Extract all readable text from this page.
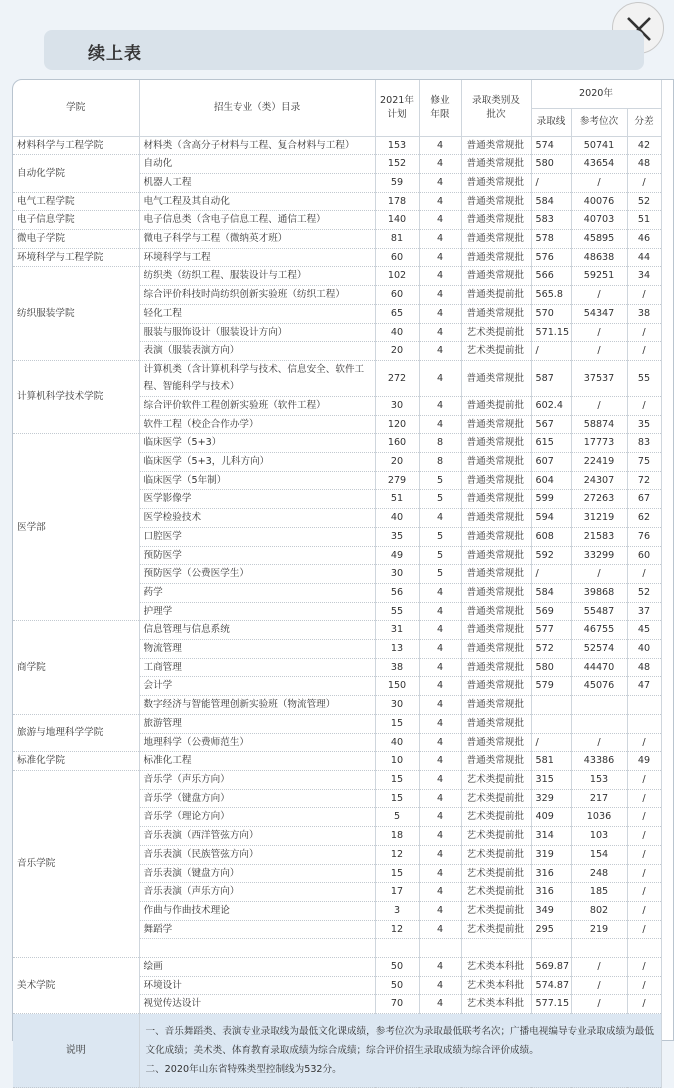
续上表
学院	招生专业（类）目录	2021年计划	修业年限	录取类别及批次	2020年		
					录取线	参考位次	分差
材料科学与工程学院	材料类（含高分子材料与工程、复合材料与工程）	153	4	普通类常规批	574	50741	42
自动化学院	自动化	152	4	普通类常规批	580	43654	48
	机器人工程	59	4	普通类常规批	/	/	/
电气工程学院	电气工程及其自动化	178	4	普通类常规批	584	40076	52
电子信息学院	电子信息类（含电子信息工程、通信工程）	140	4	普通类常规批	583	40703	51
微电子学院	微电子科学与工程（微纳英才班）	81	4	普通类常规批	578	45895	46
环境科学与工程学院	环境科学与工程	60	4	普通类常规批	576	48638	44
纺织服装学院	纺织类（纺织工程、服装设计与工程）	102	4	普通类常规批	566	59251	34
	综合评价科技时尚纺织创新实验班（纺织工程）	60	4	普通类提前批	565.8	/	/
	轻化工程	65	4	普通类常规批	570	54347	38
	服装与服饰设计（服装设计方向）	40	4	艺术类提前批	571.15	/	/
	表演（服装表演方向）	20	4	艺术类提前批	/	/	/
计算机科学技术学院	计算机类（含计算机科学与技术、信息安全、软件工程、智能科学与技术）	272	4	普通类常规批	587	37537	55
	综合评价软件工程创新实验班（软件工程）	30	4	普通类提前批	602.4	/	/
	软件工程（校企合作办学）	120	4	普通类常规批	567	58874	35
医学部	临床医学（5+3）	160	8	普通类常规批	615	17773	83
	临床医学（5+3，儿科方向）	20	8	普通类常规批	607	22419	75
	临床医学（5年制）	279	5	普通类常规批	604	24307	72
	医学影像学	51	5	普通类常规批	599	27263	67
	医学检验技术	40	4	普通类常规批	594	31219	62
	口腔医学	35	5	普通类常规批	608	21583	76
	预防医学	49	5	普通类常规批	592	33299	60
	预防医学（公费医学生）	30	5	普通类常规批	/	/	/
	药学	56	4	普通类常规批	584	39868	52
	护理学	55	4	普通类常规批	569	55487	37
商学院	信息管理与信息系统	31	4	普通类常规批	577	46755	45
	物流管理	13	4	普通类常规批	572	52574	40
	工商管理	38	4	普通类常规批	580	44470	48
	会计学	150	4	普通类常规批	579	45076	47
	数字经济与智能管理创新实验班（物流管理）	30	4	普通类常规批			
旅游与地理科学学院	旅游管理	15	4	普通类常规批			
	地理科学（公费师范生）	40	4	普通类常规批	/	/	/
标准化学院	标准化工程	10	4	普通类常规批	581	43386	49
音乐学院	音乐学（声乐方向）	15	4	艺术类提前批	315	153	/
	音乐学（键盘方向）	15	4	艺术类提前批	329	217	/
	音乐学（理论方向）	5	4	艺术类提前批	409	1036	/
	音乐表演（西洋管弦方向）	18	4	艺术类提前批	314	103	/
	音乐表演（民族管弦方向）	12	4	艺术类提前批	319	154	/
	音乐表演（键盘方向）	15	4	艺术类提前批	316	248	/
	音乐表演（声乐方向）	17	4	艺术类提前批	316	185	/
	作曲与作曲技术理论	3	4	艺术类提前批	349	802	/
	舞蹈学	12	4	艺术类提前批	295	219	/

美术学院	绘画	50	4	艺术类本科批	569.87	/	/
	环境设计	50	4	艺术类本科批	574.87	/	/
	视觉传达设计	70	4	艺术类本科批	577.15	/	/
说明	一、音乐舞蹈类、表演专业录取线为最低文化课成绩，参考位次为录取最低联考名次；广播电视编导专业录取成绩为最低文化成绩；美术类、体育教育录取成绩为综合成绩；综合评价招生录取成绩为综合评价成绩。
二、2020年山东省特殊类型控制线为532分。						
